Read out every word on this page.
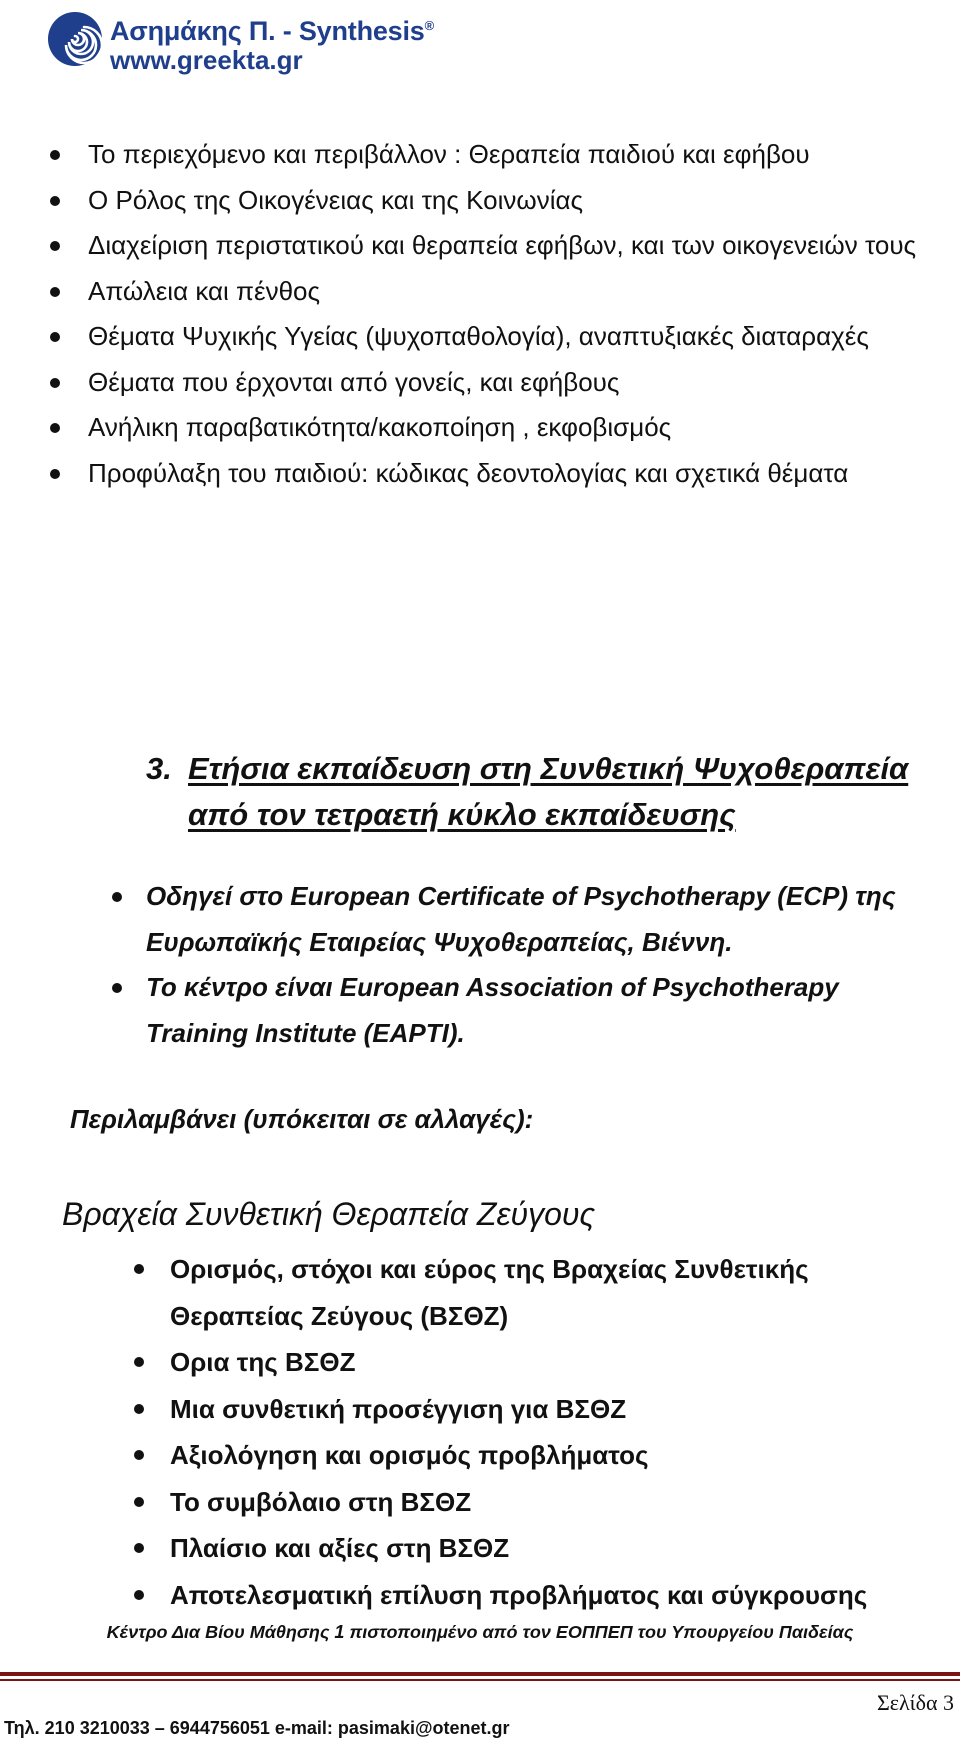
Ασημάκης Π. - Synthesis®
www.greekta.gr
Το περιεχόμενο και περιβάλλον : Θεραπεία παιδιού και εφήβου
Ο Ρόλος της Οικογένειας και της Κοινωνίας
Διαχείριση περιστατικού και θεραπεία εφήβων, και των οικογενειών τους
Απώλεια και πένθος
Θέματα Ψυχικής Υγείας (ψυχοπαθολογία), αναπτυξιακές διαταραχές
Θέματα που έρχονται από γονείς, και εφήβους
Ανήλικη παραβατικότητα/κακοποίηση , εκφοβισμός
Προφύλαξη του παιδιού: κώδικας δεοντολογίας και σχετικά θέματα
3. Ετήσια εκπαίδευση στη Συνθετική Ψυχοθεραπεία από τον τετραετή κύκλο εκπαίδευσης
Οδηγεί στο European Certificate of Psychotherapy (ECP) της Ευρωπαϊκής Εταιρείας Ψυχοθεραπείας, Βιέννη.
Το κέντρο είναι European Association of Psychotherapy Training Institute (EAPTI).
Περιλαμβάνει (υπόκειται σε αλλαγές):
Βραχεία Συνθετική Θεραπεία Ζεύγους
Ορισμός, στόχοι και εύρος της Βραχείας Συνθετικής Θεραπείας Ζεύγους (ΒΣΘΖ)
Ορια της ΒΣΘΖ
Μια συνθετική προσέγγιση για ΒΣΘΖ
Αξιολόγηση και ορισμός προβλήματος
Το συμβόλαιο στη ΒΣΘΖ
Πλαίσιο και αξίες στη ΒΣΘΖ
Αποτελεσματική επίλυση προβλήματος και σύγκρουσης
Κέντρο Δια Βίου Μάθησης 1 πιστοποιημένο από τον ΕΟΠΠΕΠ του Υπουργείου Παιδείας
Σελίδα 3
Τηλ. 210 3210033 – 6944756051 e-mail: pasimaki@otenet.gr
